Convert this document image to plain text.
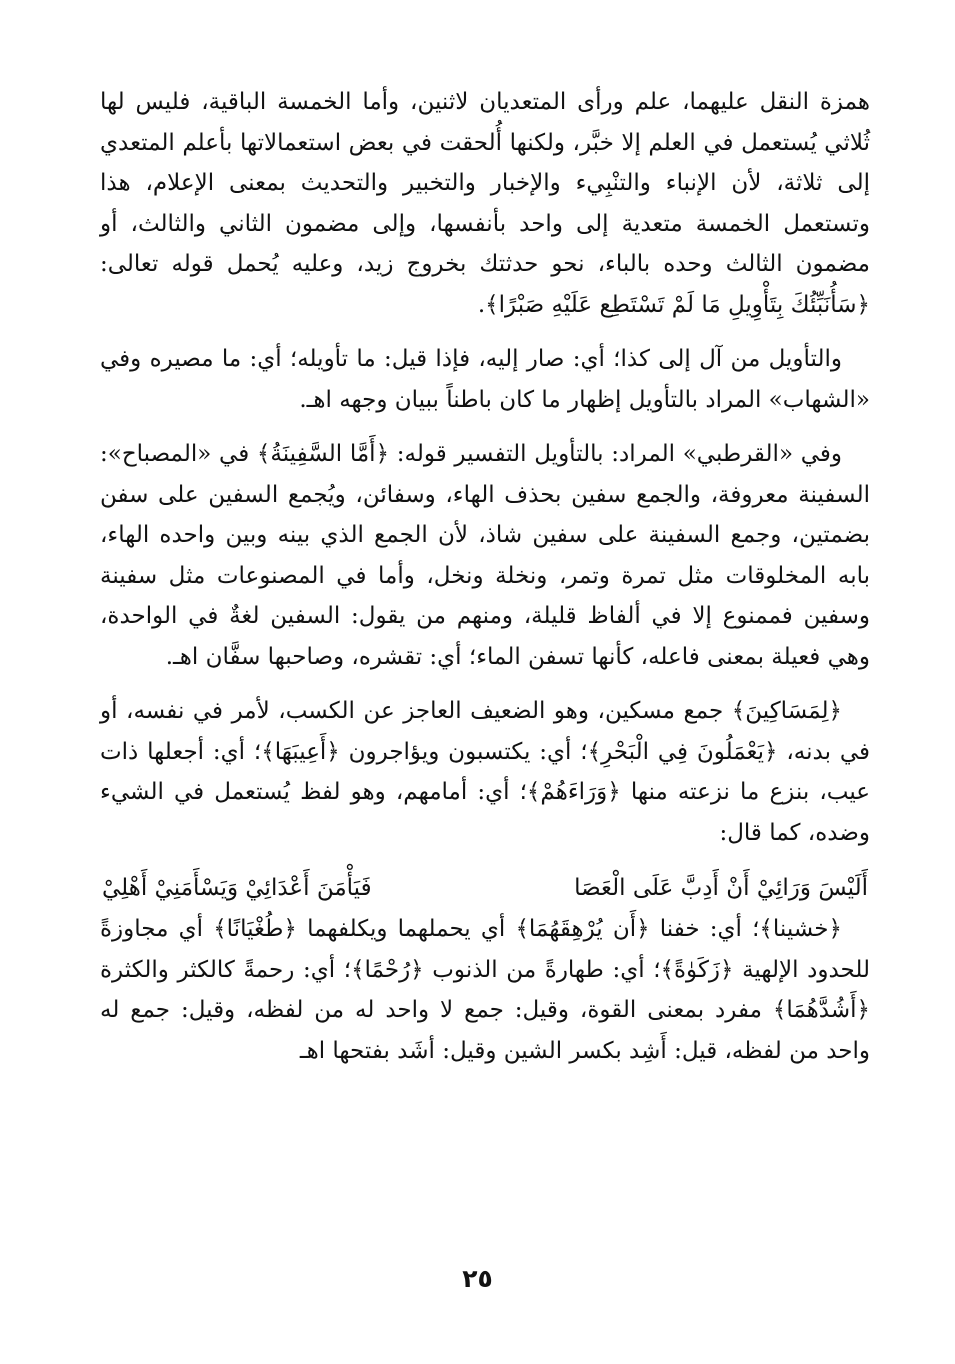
همزة النقل عليهما، علم ورأى المتعديان لاثنين، وأما الخمسة الباقية، فليس لها ثُلاثي يُستعمل في العلم إلا خبَّر، ولكنها أُلحقت في بعض استعمالاتها بأعلم المتعدي إلى ثلاثة، لأن الإنباء والتنْبِيء والإخبار والتخبير والتحديث بمعنى الإعلام، هذا وتستعمل الخمسة متعدية إلى واحد بأنفسها، وإلى مضمون الثاني والثالث، أو مضمون الثالث وحده بالباء، نحو حدثتك بخروج زيد، وعليه يُحمل قوله تعالى: ﴿سَأُنَبِّئُكَ بِتَأْوِيلِ مَا لَمْ تَسْتَطِع عَلَيْهِ صَبْرًا﴾.

والتأويل من آل إلى كذا؛ أي: صار إليه، فإذا قيل: ما تأويله؛ أي: ما مصيره وفي «الشهاب» المراد بالتأويل إظهار ما كان باطناً ببيان وجهه اهـ.

وفي «القرطبي» المراد: بالتأويل التفسير قوله: ﴿أَمَّا السَّفِينَةُ﴾ في «المصباح»: السفينة معروفة، والجمع سفين بحذف الهاء، وسفائن، ويُجمع السفين على سفن بضمتين، وجمع السفينة على سفين شاذ، لأن الجمع الذي بينه وبين واحده الهاء، بابه المخلوقات مثل تمرة وتمر، ونخلة ونخل، وأما في المصنوعات مثل سفينة وسفين فممنوع إلا في ألفاظ قليلة، ومنهم من يقول: السفين لغةٌ في الواحدة، وهي فعيلة بمعنى فاعله، كأنها تسفن الماء؛ أي: تقشره، وصاحبها سفَّان اهـ.

﴿لِمَسَاكِينَ﴾ جمع مسكين، وهو الضعيف العاجز عن الكسب، لأمر في نفسه، أو في بدنه، ﴿يَعْمَلُونَ فِي الْبَحْرِ﴾؛ أي: يكتسبون ويؤاجرون ﴿أَعِيبَهَا﴾؛ أي: أجعلها ذات عيب، بنزع ما نزعته منها ﴿وَرَاءَهُمْ﴾؛ أي: أمامهم، وهو لفظ يُستعمل في الشيء وضده، كما قال:

أَلَيْسَ وَرَائِيْ أَنْ أَدِبَّ عَلَى الْعَصَا
فَيَأْمَنَ أَعْدَائِيْ وَيَسْأَمَنِيْ أَهْلِيْ

﴿خشينا﴾؛ أي: خفنا ﴿أَن يُرْهِقَهُمَا﴾ أي يحملهما ويكلفهما ﴿طُغْيَانًا﴾ أي مجاوزةً للحدود الإلهية ﴿زَكَوٰةً﴾؛ أي: طهارةً من الذنوب ﴿رُحْمًا﴾؛ أي: رحمةً كالكثر والكثرة ﴿أَشُدَّهُمَا﴾ مفرد بمعنى القوة، وقيل: جمع لا واحد له من لفظه، وقيل: جمع له واحد من لفظه، قيل: أَشِد بكسر الشين وقيل: أشَد بفتحها اهـ

٢٥
